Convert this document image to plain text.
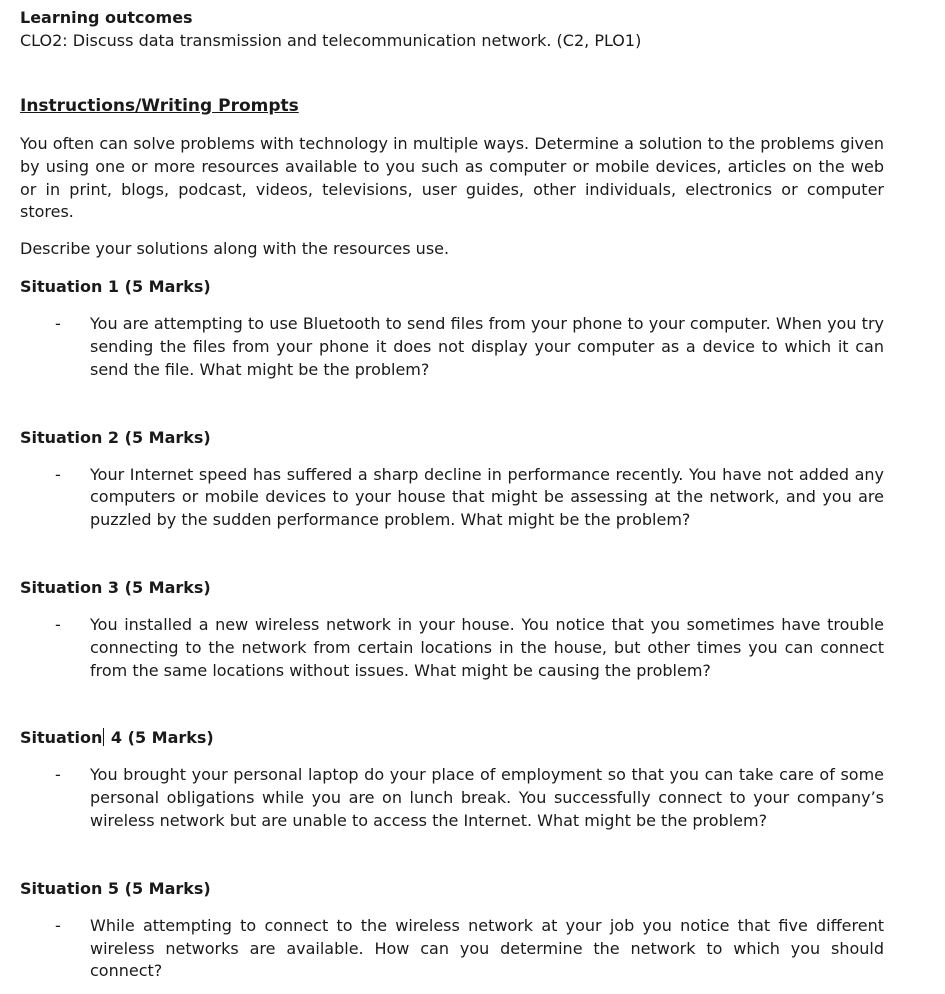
Learning outcomes

CLO2: Discuss data transmission and telecommunication network. (C2, PLO1)

Instructions/Writing Prompts

You often can solve problems with technology in multiple ways. Determine a solution to the problems given by using one or more resources available to you such as computer or mobile devices, articles on the web or in print, blogs, podcast, videos, televisions, user guides, other individuals, electronics or computer stores.

Describe your solutions along with the resources use.

Situation 1 (5 Marks)

- You are attempting to use Bluetooth to send files from your phone to your computer. When you try sending the files from your phone it does not display your computer as a device to which it can send the file. What might be the problem?

Situation 2 (5 Marks)

- Your Internet speed has suffered a sharp decline in performance recently. You have not added any computers or mobile devices to your house that might be assessing at the network, and you are puzzled by the sudden performance problem. What might be the problem?

Situation 3 (5 Marks)

- You installed a new wireless network in your house. You notice that you sometimes have trouble connecting to the network from certain locations in the house, but other times you can connect from the same locations without issues. What might be causing the problem?

Situation 4 (5 Marks)

- You brought your personal laptop do your place of employment so that you can take care of some personal obligations while you are on lunch break. You successfully connect to your company’s wireless network but are unable to access the Internet. What might be the problem?

Situation 5 (5 Marks)

- While attempting to connect to the wireless network at your job you notice that five different wireless networks are available. How can you determine the network to which you should connect?
